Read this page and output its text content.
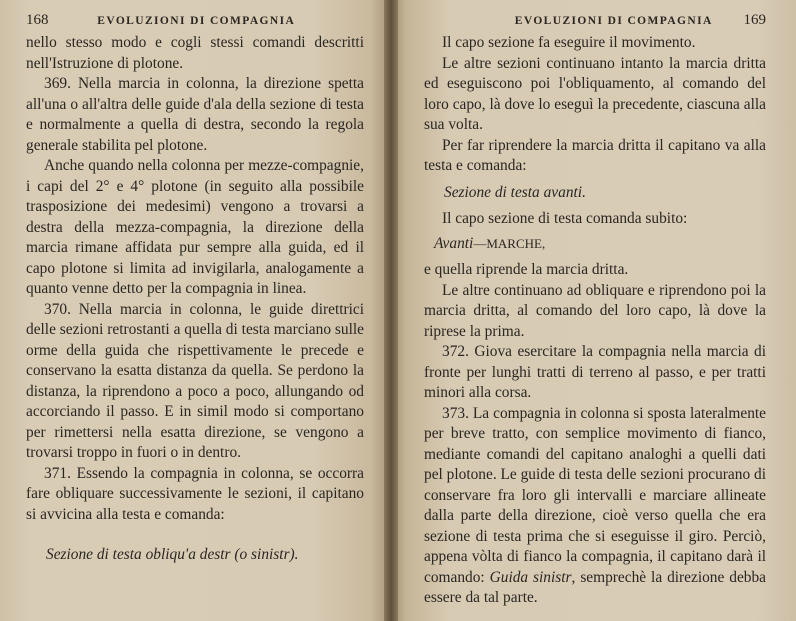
168	EVOLUZIONI DI COMPAGNIA

nello stesso modo e cogli stessi comandi descritti nell'Istruzione di plotone.

369. Nella marcia in colonna, la direzione spetta all'una o all'altra delle guide d'ala della sezione di testa e normalmente a quella di destra, secondo la regola generale stabilita pel plotone.

Anche quando nella colonna per mezze-compagnie, i capi del 2° e 4° plotone (in seguito alla possibile trasposizione dei medesimi) vengono a trovarsi a destra della mezza-compagnia, la direzione della marcia rimane affidata pur sempre alla guida, ed il capo plotone si limita ad invigilarla, analogamente a quanto venne detto per la compagnia in linea.

370. Nella marcia in colonna, le guide direttrici delle sezioni retrostanti a quella di testa marciano sulle orme della guida che rispettivamente le precede e conservano la esatta distanza da quella. Se perdono la distanza, la riprendono a poco a poco, allungando od accorciando il passo. E in simil modo si comportano per rimettersi nella esatta direzione, se vengono a trovarsi troppo in fuori o in dentro.

371. Essendo la compagnia in colonna, se occorra fare obliquare successivamente le sezioni, il capitano si avvicina alla testa e comanda:

Sezione di testa obliqu'a destr (o sinistr).

EVOLUZIONI DI COMPAGNIA 169

Il capo sezione fa eseguire il movimento.

Le altre sezioni continuano intanto la marcia dritta ed eseguiscono poi l'obliquamento, al comando del loro capo, là dove lo eseguì la precedente, ciascuna alla sua volta.

Per far riprendere la marcia dritta il capitano va alla testa e comanda:

Sezione di testa avanti.

Il capo sezione di testa comanda subito:

Avanti—MARCHE,

e quella riprende la marcia dritta.

Le altre continuano ad obliquare e riprendono poi la marcia dritta, al comando del loro capo, là dove la riprese la prima.

372. Giova esercitare la compagnia nella marcia di fronte per lunghi tratti di terreno al passo, e per tratti minori alla corsa.

373. La compagnia in colonna si sposta lateralmente per breve tratto, con semplice movimento di fianco, mediante comandi del capitano analoghi a quelli dati pel plotone. Le guide di testa delle sezioni procurano di conservare fra loro gli intervalli e marciare allineate dalla parte della direzione, cioè verso quella che era sezione di testa prima che si eseguisse il giro. Perciò, appena vòlta di fianco la compagnia, il capitano darà il comando: Guida sinistr, semprechè la direzione debba essere da tal parte.
